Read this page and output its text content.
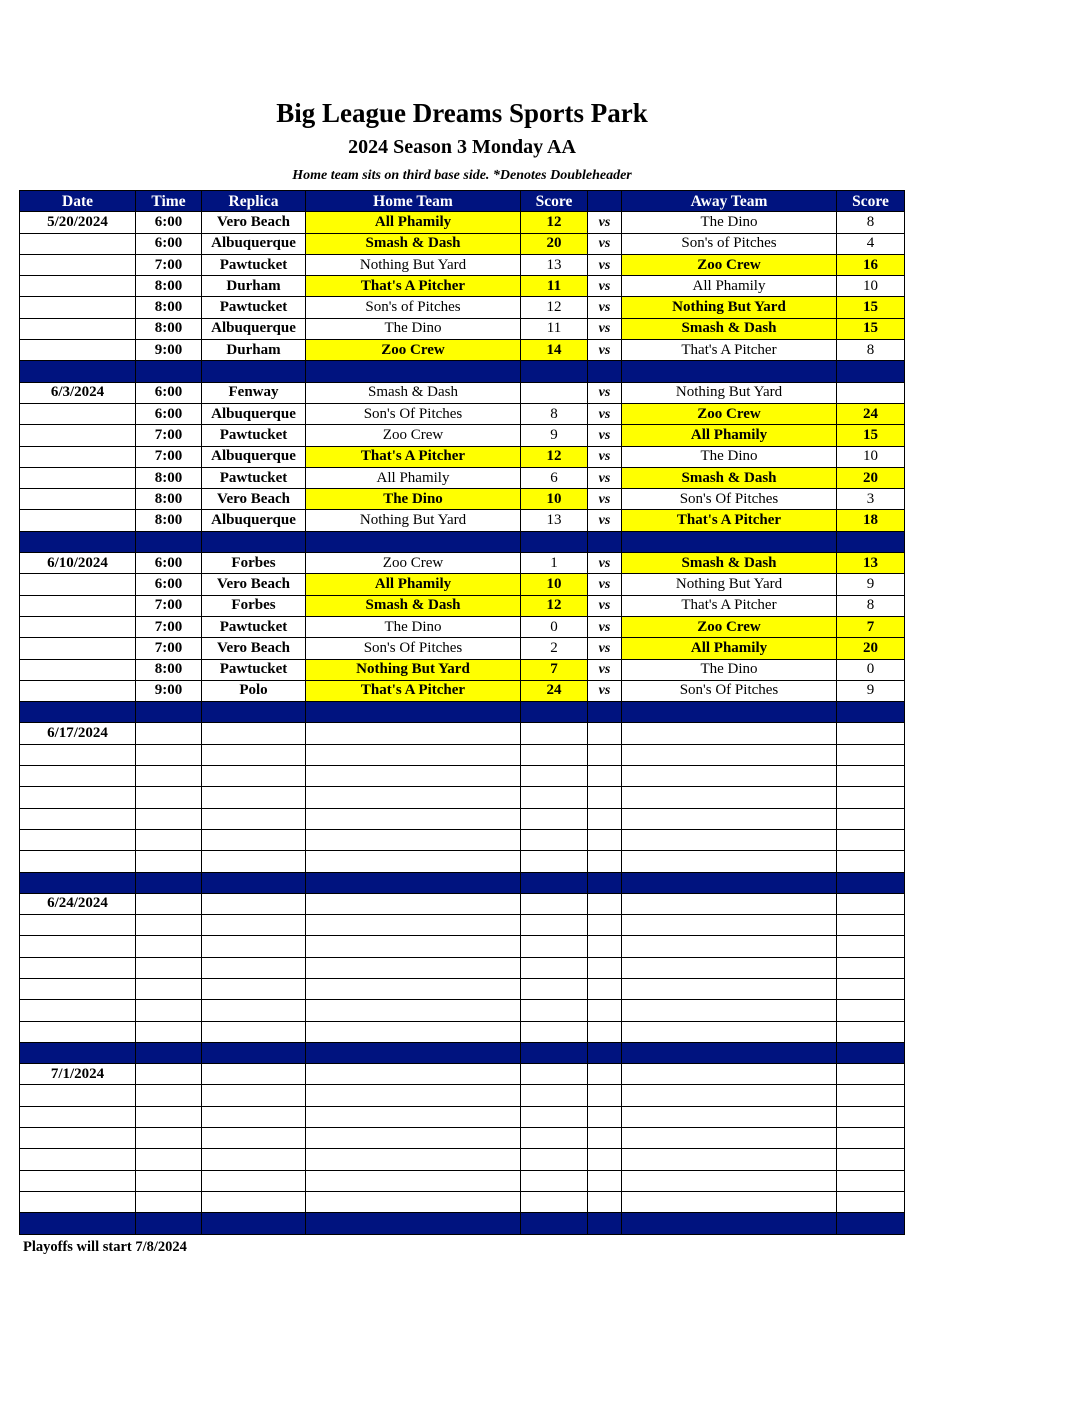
Big League Dreams Sports Park
2024 Season 3 Monday AA
Home team sits on third base side. *Denotes Doubleheader
Date	Time	Replica	Home Team	Score		Away Team	Score
5/20/2024	6:00	Vero Beach	All Phamily	12	vs	The Dino	8
	6:00	Albuquerque	Smash & Dash	20	vs	Son's of Pitches	4
	7:00	Pawtucket	Nothing But Yard	13	vs	Zoo Crew	16
	8:00	Durham	That's A Pitcher	11	vs	All Phamily	10
	8:00	Pawtucket	Son's of Pitches	12	vs	Nothing But Yard	15
	8:00	Albuquerque	The Dino	11	vs	Smash & Dash	15
	9:00	Durham	Zoo Crew	14	vs	That's A Pitcher	8

6/3/2024	6:00	Fenway	Smash & Dash		vs	Nothing But Yard	
	6:00	Albuquerque	Son's Of Pitches	8	vs	Zoo Crew	24
	7:00	Pawtucket	Zoo Crew	9	vs	All Phamily	15
	7:00	Albuquerque	That's A Pitcher	12	vs	The Dino	10
	8:00	Pawtucket	All Phamily	6	vs	Smash & Dash	20
	8:00	Vero Beach	The Dino	10	vs	Son's Of Pitches	3
	8:00	Albuquerque	Nothing But Yard	13	vs	That's A Pitcher	18

6/10/2024	6:00	Forbes	Zoo Crew	1	vs	Smash & Dash	13
	6:00	Vero Beach	All Phamily	10	vs	Nothing But Yard	9
	7:00	Forbes	Smash & Dash	12	vs	That's A Pitcher	8
	7:00	Pawtucket	The Dino	0	vs	Zoo Crew	7
	7:00	Vero Beach	Son's Of Pitches	2	vs	All Phamily	20
	8:00	Pawtucket	Nothing But Yard	7	vs	The Dino	0
	9:00	Polo	That's A Pitcher	24	vs	Son's Of Pitches	9

6/17/2024							

6/24/2024							

7/1/2024							

Playoffs will start 7/8/2024
